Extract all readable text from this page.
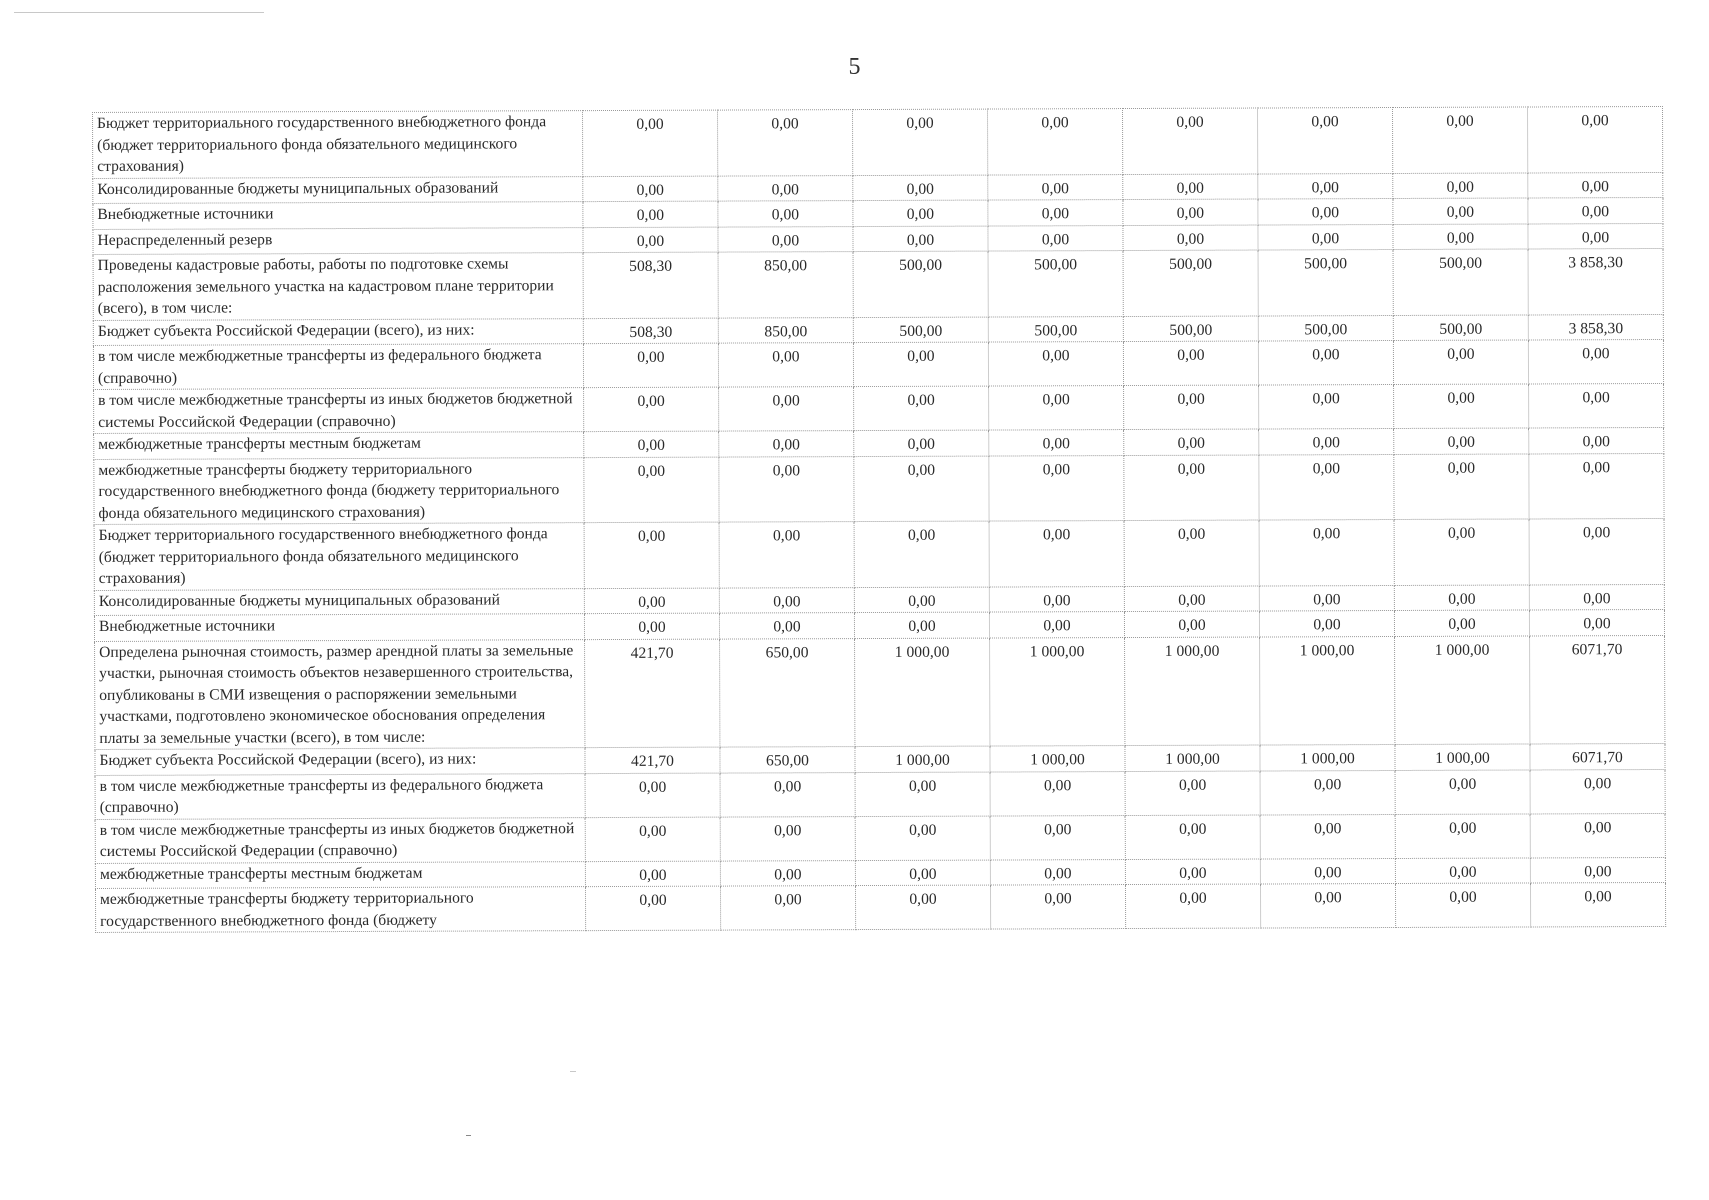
5
Бюджет территориального государственного внебюджетного фонда (бюджет территориального фонда обязательного медицинского страхования)	0,00	0,00	0,00	0,00	0,00	0,00	0,00	0,00
Консолидированные бюджеты муниципальных образований	0,00	0,00	0,00	0,00	0,00	0,00	0,00	0,00
Внебюджетные источники	0,00	0,00	0,00	0,00	0,00	0,00	0,00	0,00
Нераспределенный резерв	0,00	0,00	0,00	0,00	0,00	0,00	0,00	0,00
Проведены кадастровые работы, работы по подготовке схемы расположения земельного участка на кадастровом плане территории (всего), в том числе:	508,30	850,00	500,00	500,00	500,00	500,00	500,00	3 858,30
Бюджет субъекта Российской Федерации (всего), из них:	508,30	850,00	500,00	500,00	500,00	500,00	500,00	3 858,30
в том числе межбюджетные трансферты из федерального бюджета (справочно)	0,00	0,00	0,00	0,00	0,00	0,00	0,00	0,00
в том числе межбюджетные трансферты из иных бюджетов бюджетной системы Российской Федерации (справочно)	0,00	0,00	0,00	0,00	0,00	0,00	0,00	0,00
межбюджетные трансферты местным бюджетам	0,00	0,00	0,00	0,00	0,00	0,00	0,00	0,00
межбюджетные трансферты бюджету территориального государственного внебюджетного фонда (бюджету территориального фонда обязательного медицинского страхования)	0,00	0,00	0,00	0,00	0,00	0,00	0,00	0,00
Бюджет территориального государственного внебюджетного фонда (бюджет территориального фонда обязательного медицинского страхования)	0,00	0,00	0,00	0,00	0,00	0,00	0,00	0,00
Консолидированные бюджеты муниципальных образований	0,00	0,00	0,00	0,00	0,00	0,00	0,00	0,00
Внебюджетные источники	0,00	0,00	0,00	0,00	0,00	0,00	0,00	0,00
Определена рыночная стоимость, размер арендной платы за земельные участки, рыночная стоимость объектов незавершенного строительства, опубликованы в СМИ извещения о распоряжении земельными участками, подготовлено экономическое обоснования определения платы за земельные участки (всего), в том числе:	421,70	650,00	1 000,00	1 000,00	1 000,00	1 000,00	1 000,00	6071,70
Бюджет субъекта Российской Федерации (всего), из них:	421,70	650,00	1 000,00	1 000,00	1 000,00	1 000,00	1 000,00	6071,70
в том числе межбюджетные трансферты из федерального бюджета (справочно)	0,00	0,00	0,00	0,00	0,00	0,00	0,00	0,00
в том числе межбюджетные трансферты из иных бюджетов бюджетной системы Российской Федерации (справочно)	0,00	0,00	0,00	0,00	0,00	0,00	0,00	0,00
межбюджетные трансферты местным бюджетам	0,00	0,00	0,00	0,00	0,00	0,00	0,00	0,00
межбюджетные трансферты бюджету территориального государственного внебюджетного фонда (бюджету	0,00	0,00	0,00	0,00	0,00	0,00	0,00	0,00
